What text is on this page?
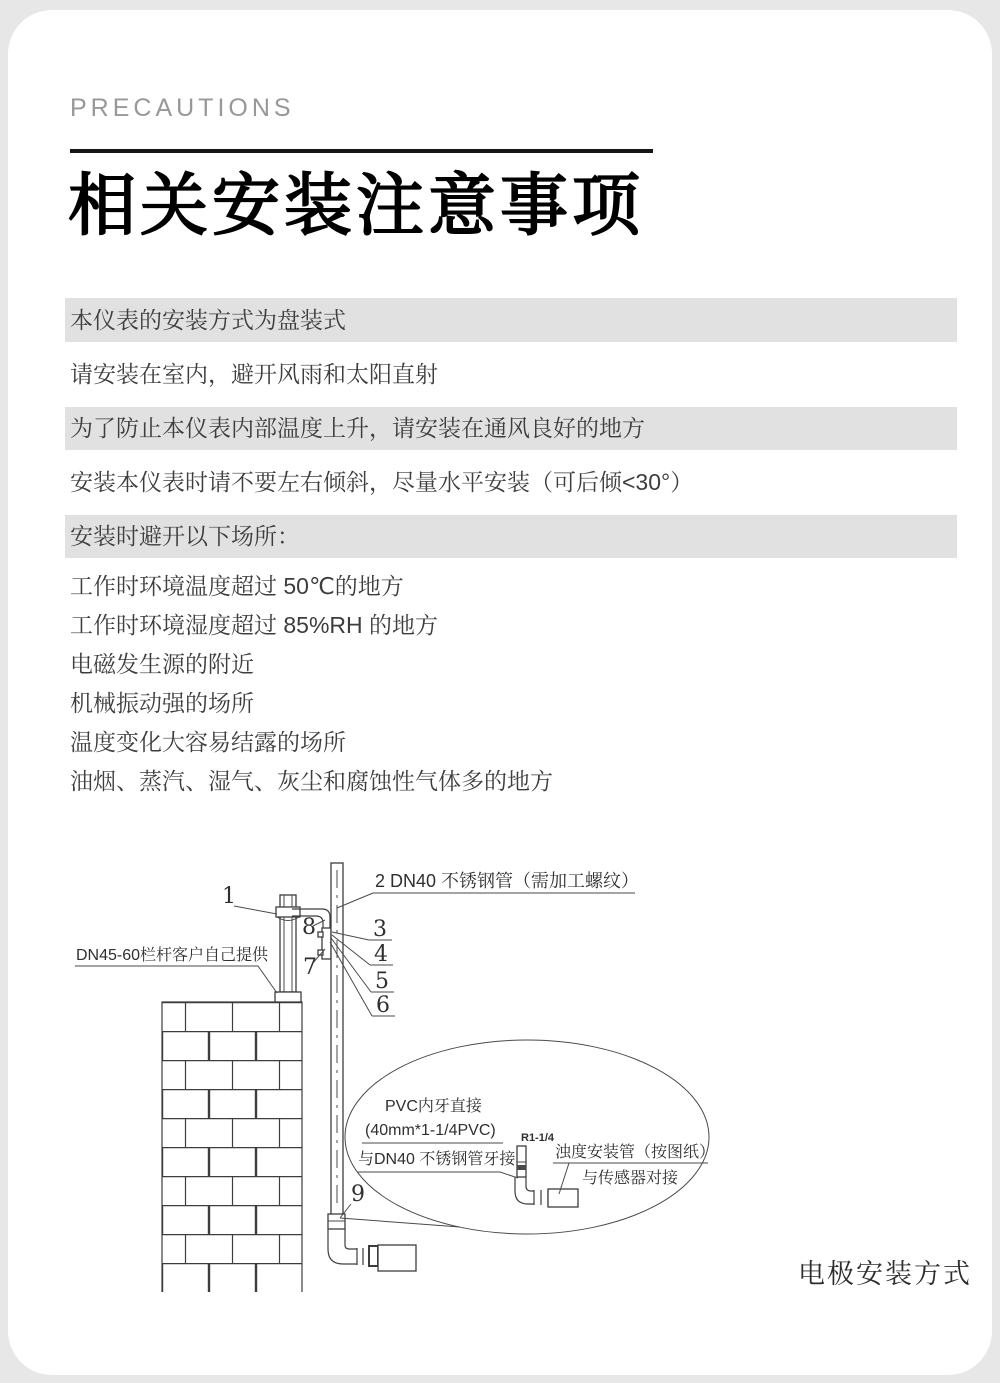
PRECAUTIONS
相关安装注意事项
本仪表的安装方式为盘装式
请安装在室内，避开风雨和太阳直射
为了防止本仪表内部温度上升，请安装在通风良好的地方
安装本仪表时请不要左右倾斜，尽量水平安装（可后倾<30°）
安装时避开以下场所：
工作时环境温度超过 50℃的地方
工作时环境湿度超过 85%RH 的地方
电磁发生源的附近
机械振动强的场所
温度变化大容易结露的场所
油烟、蒸汽、湿气、灰尘和腐蚀性气体多的地方
1
2 DN40 不锈钢管（需加工螺纹）
3
4
5
6
8
7
9
DN45-60栏杆客户自己提供
PVC内牙直接
(40mm*1-1/4PVC)
与DN40 不锈钢管牙接
R1-1/4
浊度安装管（按图纸）
与传感器对接
电极安装方式
